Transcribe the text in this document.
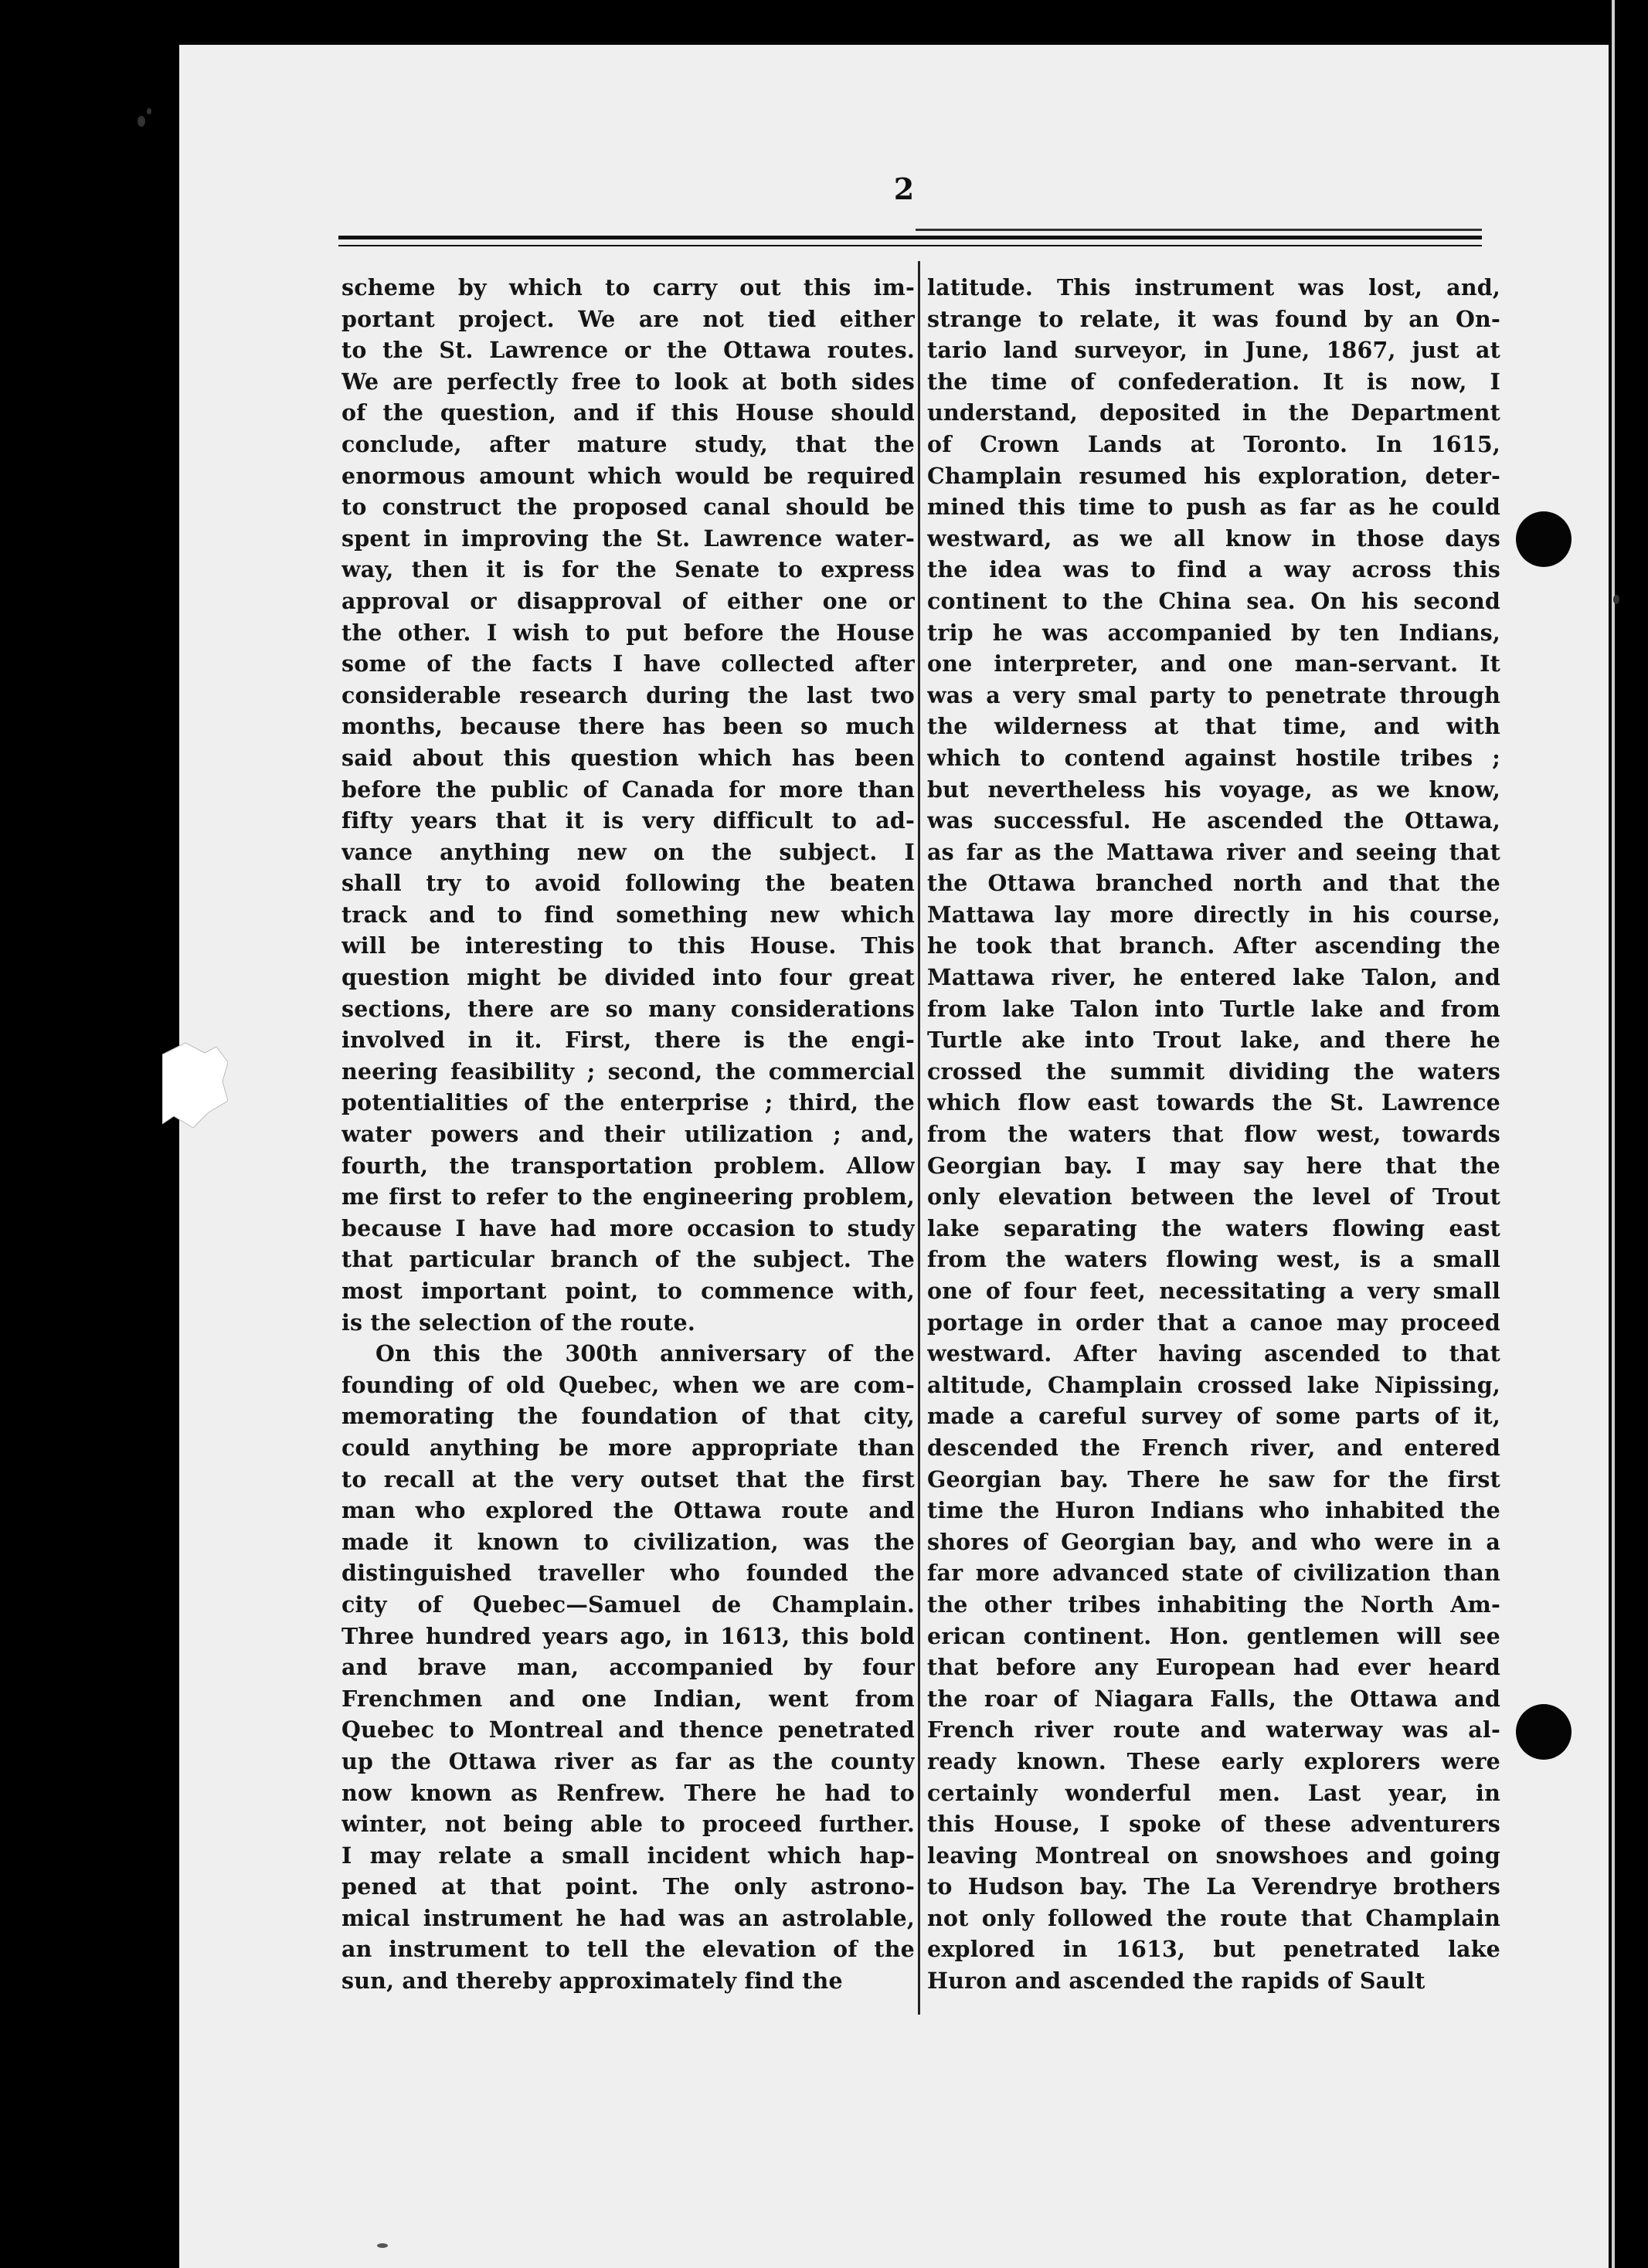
2
scheme by which to carry out this im-
portant project. We are not tied either
to the St. Lawrence or the Ottawa routes.
We are perfectly free to look at both sides
of the question, and if this House should
conclude, after mature study, that the
enormous amount which would be required
to construct the proposed canal should be
spent in improving the St. Lawrence water-
way, then it is for the Senate to express
approval or disapproval of either one or
the other. I wish to put before the House
some of the facts I have collected after
considerable research during the last two
months, because there has been so much
said about this question which has been
before the public of Canada for more than
fifty years that it is very difficult to ad-
vance anything new on the subject. I
shall try to avoid following the beaten
track and to find something new which
will be interesting to this House. This
question might be divided into four great
sections, there are so many considerations
involved in it. First, there is the engi-
neering feasibility ; second, the commercial
potentialities of the enterprise ; third, the
water powers and their utilization ; and,
fourth, the transportation problem. Allow
me first to refer to the engineering problem,
because I have had more occasion to study
that particular branch of the subject. The
most important point, to commence with,
is the selection of the route.
On this the 300th anniversary of the
founding of old Quebec, when we are com-
memorating the foundation of that city,
could anything be more appropriate than
to recall at the very outset that the first
man who explored the Ottawa route and
made it known to civilization, was the
distinguished traveller who founded the
city of Quebec—Samuel de Champlain.
Three hundred years ago, in 1613, this bold
and brave man, accompanied by four
Frenchmen and one Indian, went from
Quebec to Montreal and thence penetrated
up the Ottawa river as far as the county
now known as Renfrew. There he had to
winter, not being able to proceed further.
I may relate a small incident which hap-
pened at that point. The only astrono-
mical instrument he had was an astrolable,
an instrument to tell the elevation of the
sun, and thereby approximately find the
latitude. This instrument was lost, and,
strange to relate, it was found by an On-
tario land surveyor, in June, 1867, just at
the time of confederation. It is now, I
understand, deposited in the Department
of Crown Lands at Toronto. In 1615,
Champlain resumed his exploration, deter-
mined this time to push as far as he could
westward, as we all know in those days
the idea was to find a way across this
continent to the China sea. On his second
trip he was accompanied by ten Indians,
one interpreter, and one man-servant. It
was a very smal party to penetrate through
the wilderness at that time, and with
which to contend against hostile tribes ;
but nevertheless his voyage, as we know,
was successful. He ascended the Ottawa,
as far as the Mattawa river and seeing that
the Ottawa branched north and that the
Mattawa lay more directly in his course,
he took that branch. After ascending the
Mattawa river, he entered lake Talon, and
from lake Talon into Turtle lake and from
Turtle ake into Trout lake, and there he
crossed the summit dividing the waters
which flow east towards the St. Lawrence
from the waters that flow west, towards
Georgian bay. I may say here that the
only elevation between the level of Trout
lake separating the waters flowing east
from the waters flowing west, is a small
one of four feet, necessitating a very small
portage in order that a canoe may proceed
westward. After having ascended to that
altitude, Champlain crossed lake Nipissing,
made a careful survey of some parts of it,
descended the French river, and entered
Georgian bay. There he saw for the first
time the Huron Indians who inhabited the
shores of Georgian bay, and who were in a
far more advanced state of civilization than
the other tribes inhabiting the North Am-
erican continent. Hon. gentlemen will see
that before any European had ever heard
the roar of Niagara Falls, the Ottawa and
French river route and waterway was al-
ready known. These early explorers were
certainly wonderful men. Last year, in
this House, I spoke of these adventurers
leaving Montreal on snowshoes and going
to Hudson bay. The La Verendrye brothers
not only followed the route that Champlain
explored in 1613, but penetrated lake
Huron and ascended the rapids of Sault
